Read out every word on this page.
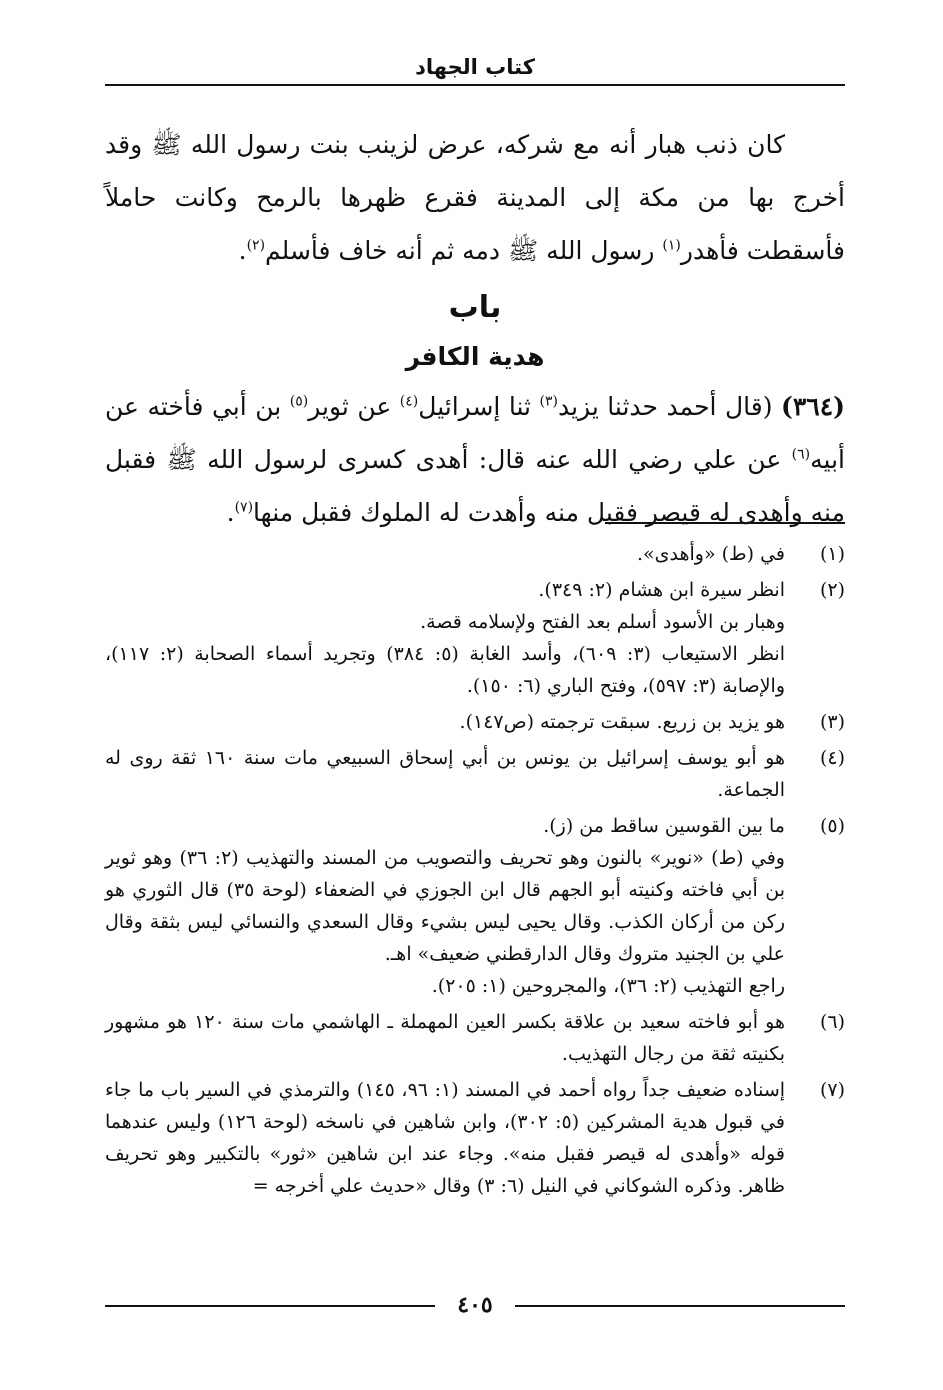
كتاب الجهاد

كان ذنب هبار أنه مع شركه، عرض لزينب بنت رسول الله ﷺ وقد أخرج بها من مكة إلى المدينة فقرع ظهرها بالرمح وكانت حاملاً فأسقطت فأهدر$^{(١)}$ رسول الله ﷺ دمه ثم أنه خاف فأسلم$^{(٢)}$.

باب
هدية الكافر

(٣٦٤) (قال أحمد حدثنا يزيد$^{(٣)}$ ثنا إسرائيل$^{(٤)}$ عن ثوير$^{(٥)}$ بن أبي فأخته عن أبيه$^{(٦)}$ عن علي رضي الله عنه قال: أهدى كسرى لرسول الله ﷺ فقبل منه وأهدى له قيصر فقبل منه وأهدت له الملوك فقبل منها$^{(٧)}$.

(١)

في (ط) «وأهدى».

(٢)

انظر سيرة ابن هشام (٢: ٣٤٩).

وهبار بن الأسود أسلم بعد الفتح ولإسلامه قصة.

انظر الاستيعاب (٣: ٦٠٩)، وأسد الغابة (٥: ٣٨٤) وتجريد أسماء الصحابة (٢: ١١٧)، والإصابة (٣: ٥٩٧)، وفتح الباري (٦: ١٥٠).

(٣)

هو يزيد بن زريع. سبقت ترجمته (ص١٤٧).

(٤)

هو أبو يوسف إسرائيل بن يونس بن أبي إسحاق السبيعي مات سنة ١٦٠ ثقة روى له الجماعة.

(٥)

ما بين القوسين ساقط من (ز).

وفي (ط) «نوير» بالنون وهو تحريف والتصويب من المسند والتهذيب (٢: ٣٦) وهو ثوير بن أبي فاخته وكنيته أبو الجهم قال ابن الجوزي في الضعفاء (لوحة ٣٥) قال الثوري هو ركن من أركان الكذب. وقال يحيى ليس بشيء وقال السعدي والنسائي ليس بثقة وقال علي بن الجنيد متروك وقال الدارقطني ضعيف» اهـ.

راجع التهذيب (٢: ٣٦)، والمجروحين (١: ٢٠٥).

(٦)

هو أبو فاخته سعيد بن علاقة بكسر العين المهملة ـ الهاشمي مات سنة ١٢٠ هو مشهور بكنيته ثقة من رجال التهذيب.

(٧)

إسناده ضعيف جداً رواه أحمد في المسند (١: ٩٦، ١٤٥) والترمذي في السير باب ما جاء في قبول هدية المشركين (٥: ٣٠٢)، وابن شاهين في ناسخه (لوحة ١٢٦) وليس عندهما قوله «وأهدى له قيصر فقبل منه». وجاء عند ابن شاهين «ثور» بالتكبير وهو تحريف ظاهر. وذكره الشوكاني في النيل (٦: ٣) وقال «حديث علي أخرجه =

٤٠٥
